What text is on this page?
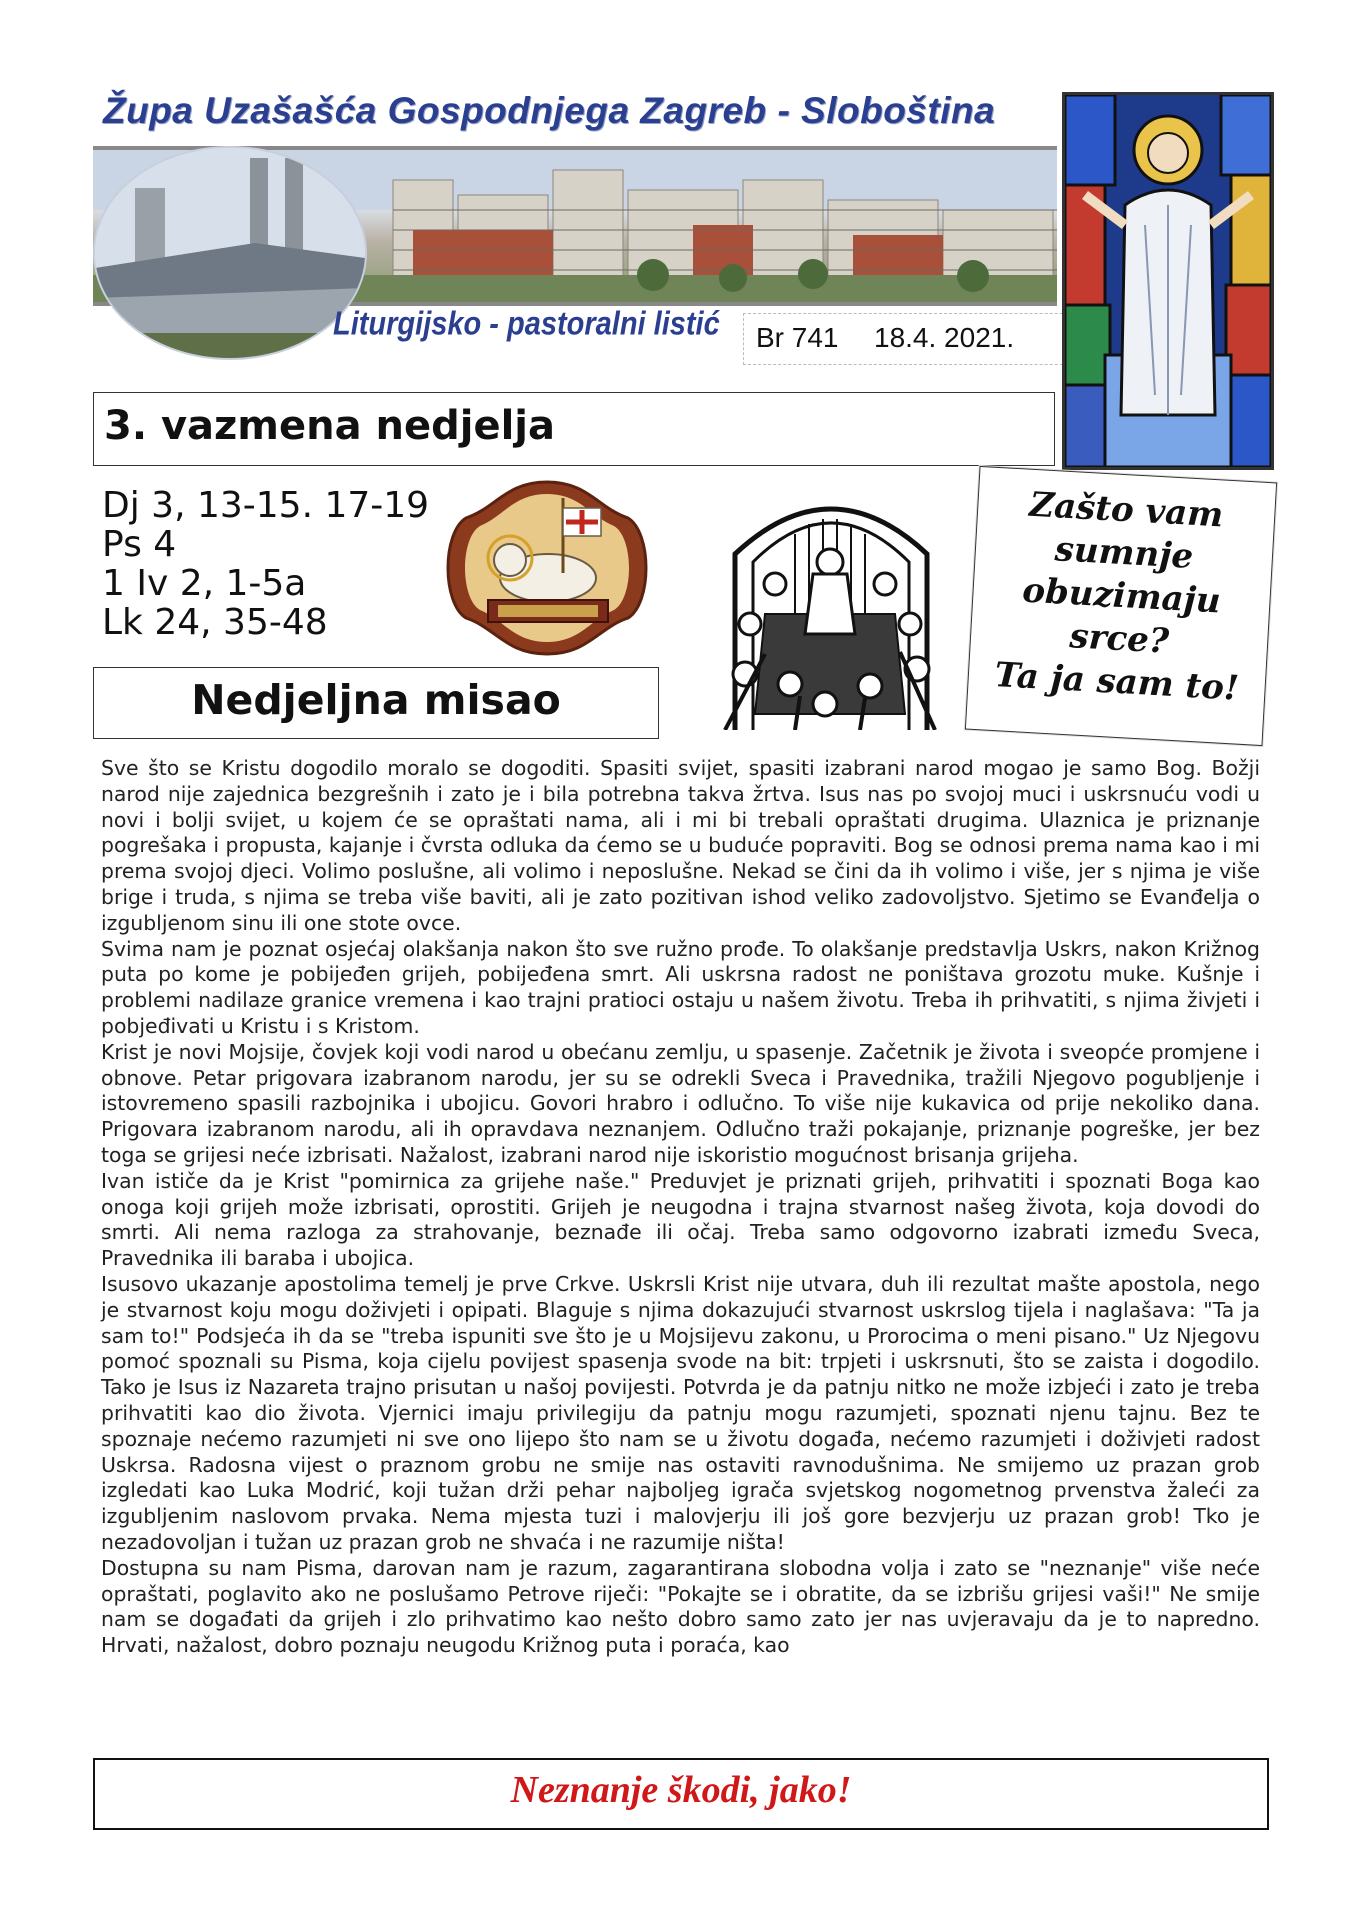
Župa Uzašašća Gospodnjega Zagreb - Sloboština
Liturgijsko - pastoralni listić Br 741 18.4. 2021.
3. vazmena nedjelja
Dj 3, 13-15. 17-19
Ps 4
1 Iv 2, 1-5a
Lk 24, 35-48
Zašto vam
sumnje
obuzimaju
srce?
Ta ja sam to!
Nedjeljna misao

Sve što se Kristu dogodilo moralo se dogoditi. Spasiti svijet, spasiti izabrani narod mogao je samo Bog. Božji narod nije zajednica bezgrešnih i zato je i bila potrebna takva žrtva. Isus nas po svojoj muci i uskrsnuću vodi u novi i bolji svijet, u kojem će se opraštati nama, ali i mi bi trebali opraštati drugima. Ulaznica je priznanje pogrešaka i propusta, kajanje i čvrsta odluka da ćemo se u buduće popraviti. Bog se odnosi prema nama kao i mi prema svojoj djeci. Volimo poslušne, ali volimo i neposlušne. Nekad se čini da ih volimo i više, jer s njima je više brige i truda, s njima se treba više baviti, ali je zato pozitivan ishod veliko zadovoljstvo. Sjetimo se Evanđelja o izgubljenom sinu ili one stote ovce.

Svima nam je poznat osjećaj olakšanja nakon što sve ružno prođe. To olakšanje predstavlja Uskrs, nakon Križnog puta po kome je pobijeđen grijeh, pobijeđena smrt. Ali uskrsna radost ne poništava grozotu muke. Kušnje i problemi nadilaze granice vremena i kao trajni pratioci ostaju u našem životu. Treba ih prihvatiti, s njima živjeti i pobjeđivati u Kristu i s Kristom.

Krist je novi Mojsije, čovjek koji vodi narod u obećanu zemlju, u spasenje. Začetnik je života i sveopće promjene i obnove. Petar prigovara izabranom narodu, jer su se odrekli Sveca i Pravednika, tražili Njegovo pogubljenje i istovremeno spasili razbojnika i ubojicu. Govori hrabro i odlučno. To više nije kukavica od prije nekoliko dana. Prigovara izabranom narodu, ali ih opravdava neznanjem. Odlučno traži pokajanje, priznanje pogreške, jer bez toga se grijesi neće izbrisati. Nažalost, izabrani narod nije iskoristio mogućnost brisanja grijeha.

Ivan ističe da je Krist "pomirnica za grijehe naše." Preduvjet je priznati grijeh, prihvatiti i spoznati Boga kao onoga koji grijeh može izbrisati, oprostiti. Grijeh je neugodna i trajna stvarnost našeg života, koja dovodi do smrti. Ali nema razloga za strahovanje, beznađe ili očaj. Treba samo odgovorno izabrati između Sveca, Pravednika ili baraba i ubojica.

Isusovo ukazanje apostolima temelj je prve Crkve. Uskrsli Krist nije utvara, duh ili rezultat mašte apostola, nego je stvarnost koju mogu doživjeti i opipati. Blaguje s njima dokazujući stvarnost uskrslog tijela i naglašava: "Ta ja sam to!" Podsjeća ih da se "treba ispuniti sve što je u Mojsijevu zakonu, u Prorocima o meni pisano." Uz Njegovu pomoć spoznali su Pisma, koja cijelu povijest spasenja svode na bit: trpjeti i uskrsnuti, što se zaista i dogodilo. Tako je Isus iz Nazareta trajno prisutan u našoj povijesti. Potvrda je da patnju nitko ne može izbjeći i zato je treba prihvatiti kao dio života. Vjernici imaju privilegiju da patnju mogu razumjeti, spoznati njenu tajnu. Bez te spoznaje nećemo razumjeti ni sve ono lijepo što nam se u životu događa, nećemo razumjeti i doživjeti radost Uskrsa. Radosna vijest o praznom grobu ne smije nas ostaviti ravnodušnima. Ne smijemo uz prazan grob izgledati kao Luka Modrić, koji tužan drži pehar najboljeg igrača svjetskog nogometnog prvenstva žaleći za izgubljenim naslovom prvaka. Nema mjesta tuzi i malovjerju ili još gore bezvjerju uz prazan grob! Tko je nezadovoljan i tužan uz prazan grob ne shvaća i ne razumije ništa!

Dostupna su nam Pisma, darovan nam je razum, zagarantirana slobodna volja i zato se "neznanje" više neće opraštati, poglavito ako ne poslušamo Petrove riječi: "Pokajte se i obratite, da se izbrišu grijesi vaši!" Ne smije nam se događati da grijeh i zlo prihvatimo kao nešto dobro samo zato jer nas uvjeravaju da je to napredno. Hrvati, nažalost, dobro poznaju neugodu Križnog puta i poraća, kao

Neznanje škodi, jako!
